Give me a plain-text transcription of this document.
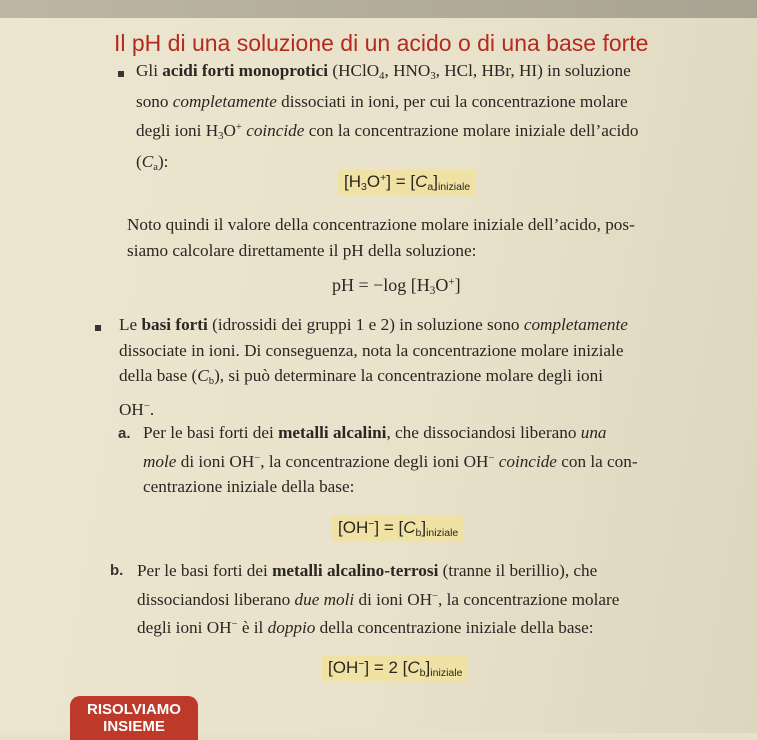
Il pH di una soluzione di un acido o di una base forte
Gli acidi forti monoprotici (HClO$_4$, $HNO_3$, HCl, HBr, HI) in soluzione
sono completamente dissociati in ioni, per cui la concentrazione molare
degli ioni $H_3O^+$ coincide con la concentrazione molare iniziale dell’acido
$(C_a)$:
$[H_3O^+] = [C_a]_{iniziale}$
Noto quindi il valore della concentrazione molare iniziale dell’acido, pos-
siamo calcolare direttamente il pH della soluzione:
pH = −log $[H_3O^+]$
Le basi forti (idrossidi dei gruppi 1 e 2) in soluzione sono completamente
dissociate in ioni. Di conseguenza, nota la concentrazione molare iniziale
della base $(C_b)$, si può determinare la concentrazione molare degli ioni
OH−.
a. Per le basi forti dei metalli alcalini, che dissociandosi liberano una
mole di ioni OH−, la concentrazione degli ioni OH− coincide con la con-
centrazione iniziale della base:
$[OH^-] = [C_b]_{iniziale}$
b. Per le basi forti dei metalli alcalino-terrosi (tranne il berillio), che
dissociandosi liberano due moli di ioni OH−, la concentrazione molare
degli ioni OH− è il doppio della concentrazione iniziale della base:
[OH−] = 2 $[C_b]_{iniziale}$
RISOLVIAMO
INSIEME
